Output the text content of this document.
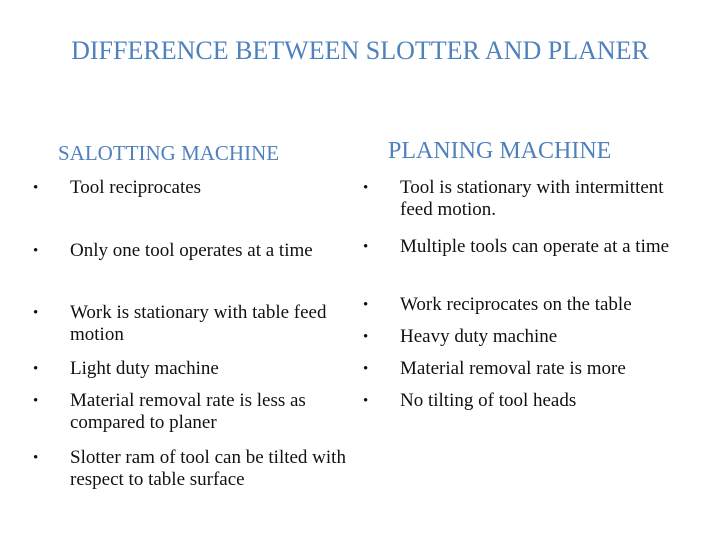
DIFFERENCE BETWEEN SLOTTER AND PLANER
SALOTTING MACHINE	PLANING MACHINE
• Tool reciprocates
• Only one tool operates at a time
• Work is stationary with table feed motion
• Light duty machine
• Material removal rate is less as compared to planer
• Slotter ram of tool can be tilted with respect to table surface
• Tool is stationary with intermittent feed motion.
• Multiple tools can operate at a time
• Work reciprocates on the table
• Heavy duty machine
• Material removal rate is more
• No tilting of tool heads
